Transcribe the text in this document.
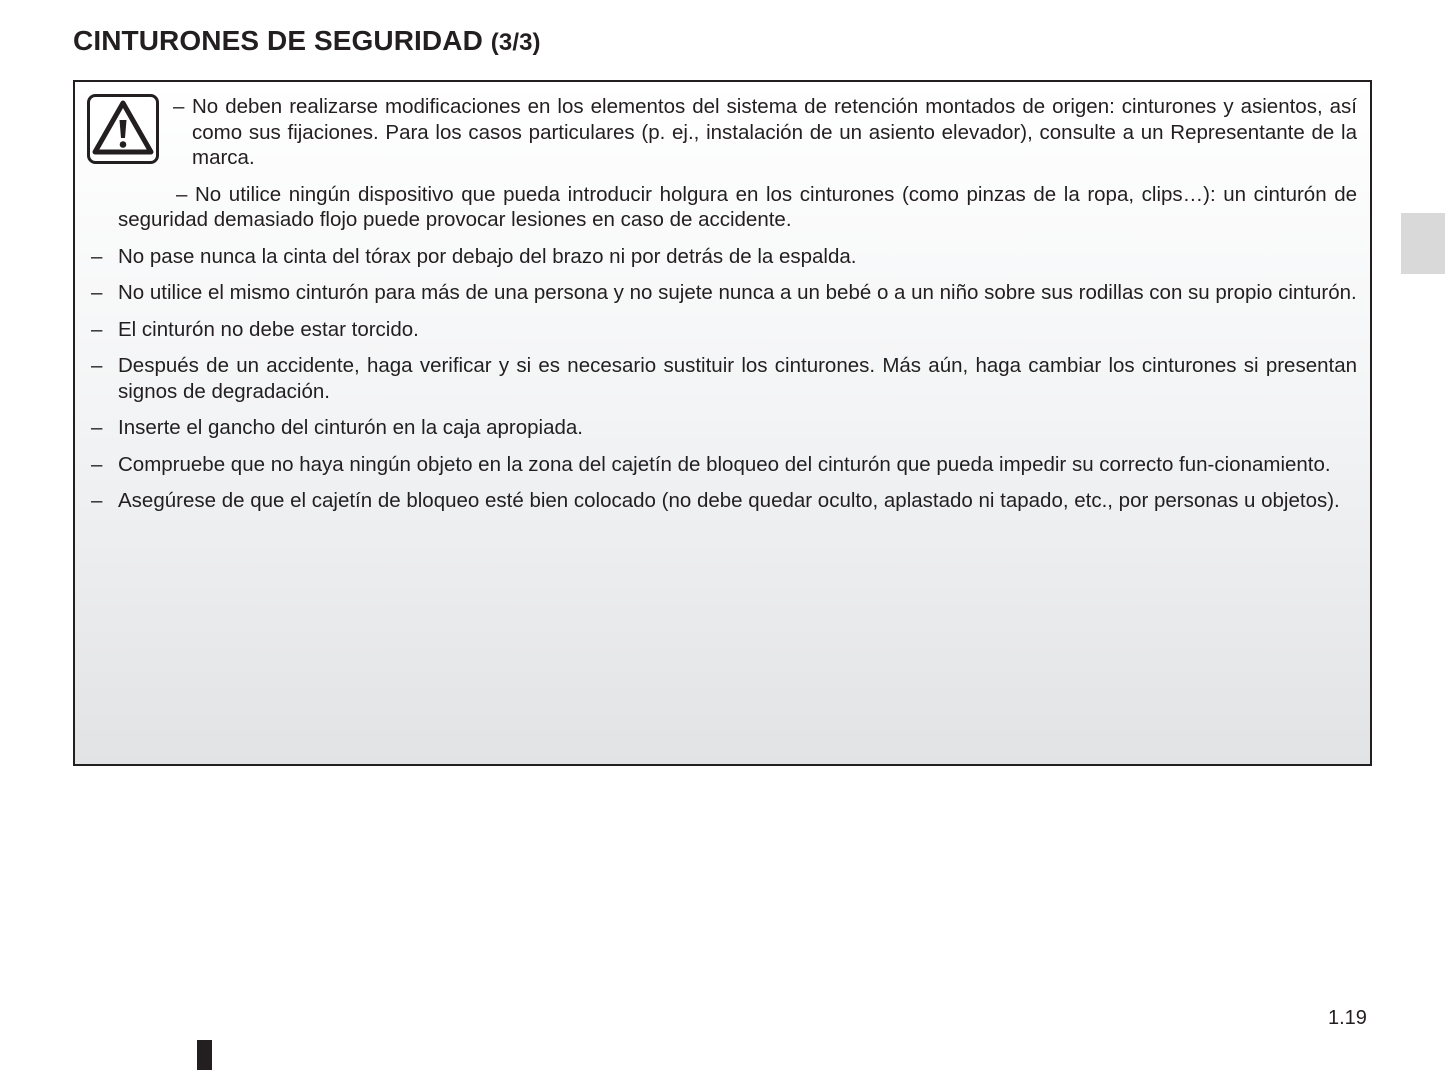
CINTURONES DE SEGURIDAD (3/3)
– No deben realizarse modificaciones en los elementos del sistema de retención montados de origen: cinturones y asientos, así como sus fijaciones. Para los casos particulares (p. ej., instalación de un asiento elevador), consulte a un Representante de la marca.
– No utilice ningún dispositivo que pueda introducir holgura en los cinturones (como pinzas de la ropa, clips…): un cinturón de seguridad demasiado flojo puede provocar lesiones en caso de accidente.
– No pase nunca la cinta del tórax por debajo del brazo ni por detrás de la espalda.
– No utilice el mismo cinturón para más de una persona y no sujete nunca a un bebé o a un niño sobre sus rodillas con su propio cinturón.
– El cinturón no debe estar torcido.
– Después de un accidente, haga verificar y si es necesario sustituir los cinturones. Más aún, haga cambiar los cinturones si presentan signos de degradación.
– Inserte el gancho del cinturón en la caja apropiada.
– Compruebe que no haya ningún objeto en la zona del cajetín de bloqueo del cinturón que pueda impedir su correcto fun-cionamiento.
– Asegúrese de que el cajetín de bloqueo esté bien colocado (no debe quedar oculto, aplastado ni tapado, etc., por personas u objetos).
1.19
